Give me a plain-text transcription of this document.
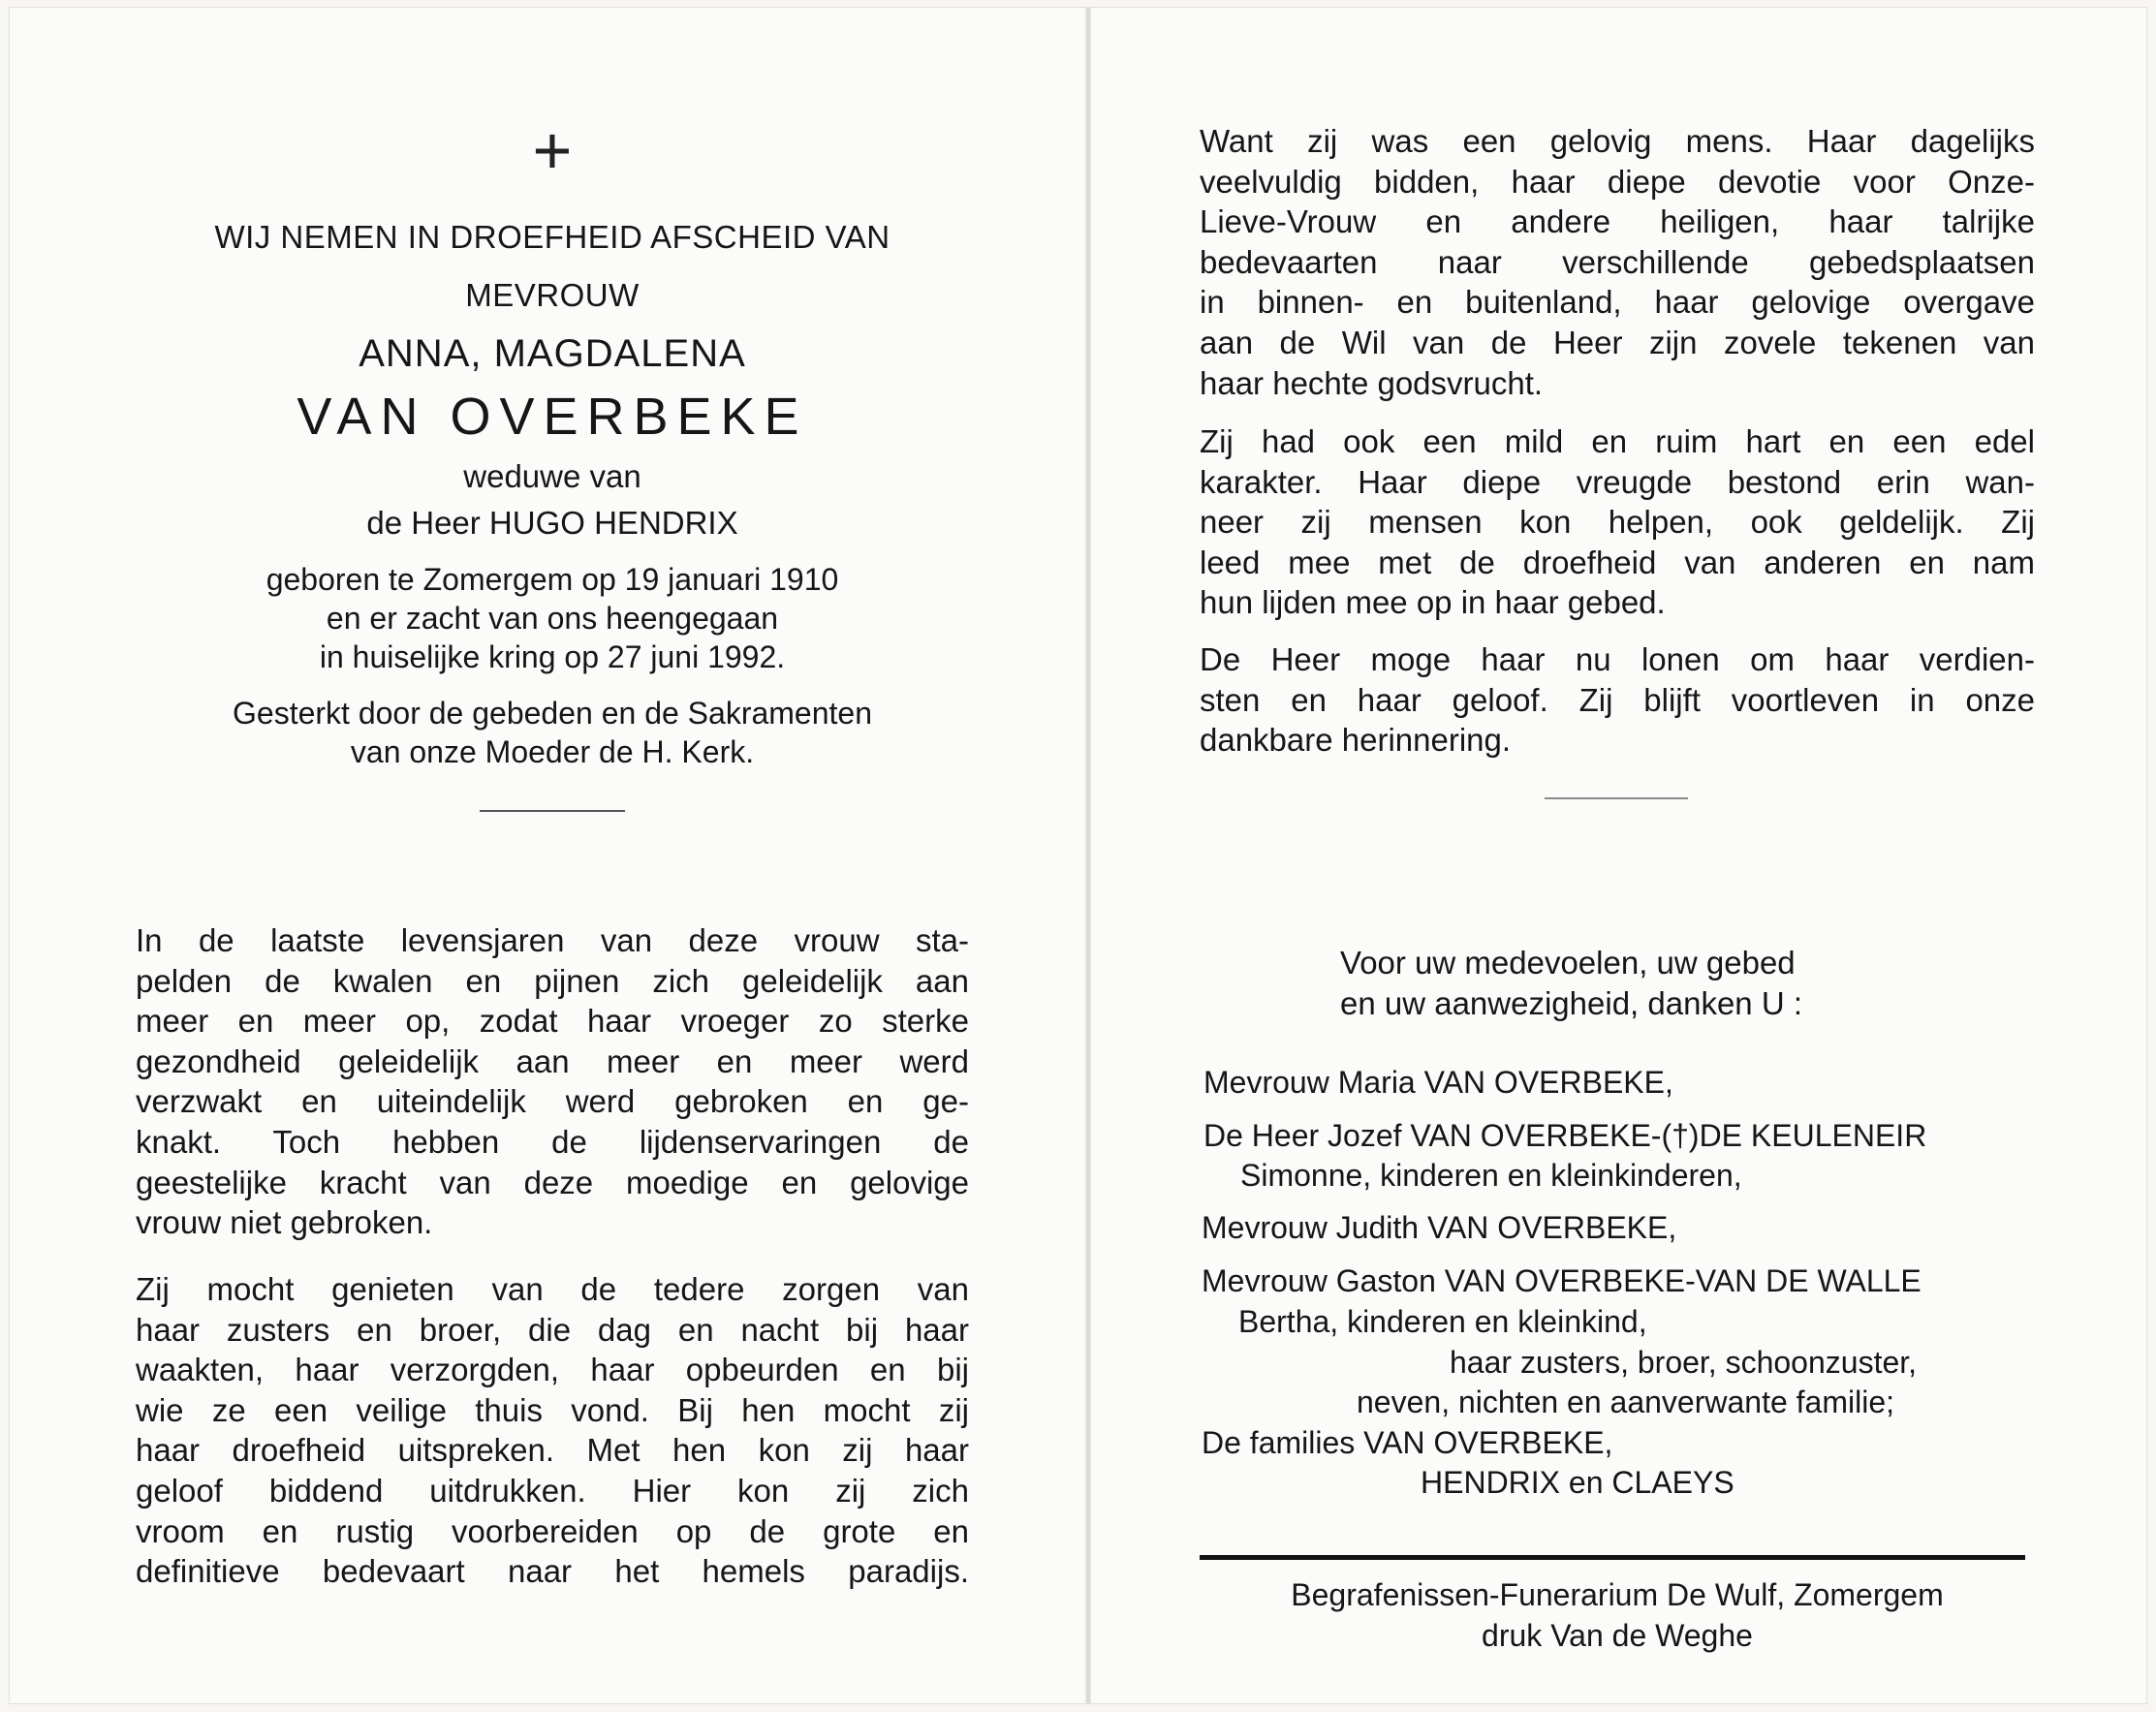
+
WIJ NEMEN IN DROEFHEID AFSCHEID VAN
MEVROUW
ANNA, MAGDALENA
VAN OVERBEKE
weduwe van
de Heer HUGO HENDRIX
geboren te Zomergem op 19 januari 1910
en er zacht van ons heengegaan
in huiselijke kring op 27 juni 1992.
Gesterkt door de gebeden en de Sakramenten
van onze Moeder de H. Kerk.
In de laatste levensjaren van deze vrouw sta-
pelden de kwalen en pijnen zich geleidelijk aan
meer en meer op, zodat haar vroeger zo sterke
gezondheid geleidelijk aan meer en meer werd
verzwakt en uiteindelijk werd gebroken en ge-
knakt. Toch hebben de lijdenservaringen de
geestelijke kracht van deze moedige en gelovige
vrouw niet gebroken.
Zij mocht genieten van de tedere zorgen van
haar zusters en broer, die dag en nacht bij haar
waakten, haar verzorgden, haar opbeurden en bij
wie ze een veilige thuis vond. Bij hen mocht zij
haar droefheid uitspreken. Met hen kon zij haar
geloof biddend uitdrukken. Hier kon zij zich
vroom en rustig voorbereiden op de grote en
definitieve bedevaart naar het hemels paradijs.
Want zij was een gelovig mens. Haar dagelijks
veelvuldig bidden, haar diepe devotie voor Onze-
Lieve-Vrouw en andere heiligen, haar talrijke
bedevaarten naar verschillende gebedsplaatsen
in binnen- en buitenland, haar gelovige overgave
aan de Wil van de Heer zijn zovele tekenen van
haar hechte godsvrucht.
Zij had ook een mild en ruim hart en een edel
karakter. Haar diepe vreugde bestond erin wan-
neer zij mensen kon helpen, ook geldelijk. Zij
leed mee met de droefheid van anderen en nam
hun lijden mee op in haar gebed.
De Heer moge haar nu lonen om haar verdien-
sten en haar geloof. Zij blijft voortleven in onze
dankbare herinnering.
Voor uw medevoelen, uw gebed
en uw aanwezigheid, danken U :
Mevrouw Maria VAN OVERBEKE,
De Heer Jozef VAN OVERBEKE-(†)DE KEULENEIR
Simonne, kinderen en kleinkinderen,
Mevrouw Judith VAN OVERBEKE,
Mevrouw Gaston VAN OVERBEKE-VAN DE WALLE
Bertha, kinderen en kleinkind,
haar zusters, broer, schoonzuster,
neven, nichten en aanverwante familie;
De families VAN OVERBEKE,
HENDRIX en CLAEYS
Begrafenissen-Funerarium De Wulf, Zomergem
druk Van de Weghe
